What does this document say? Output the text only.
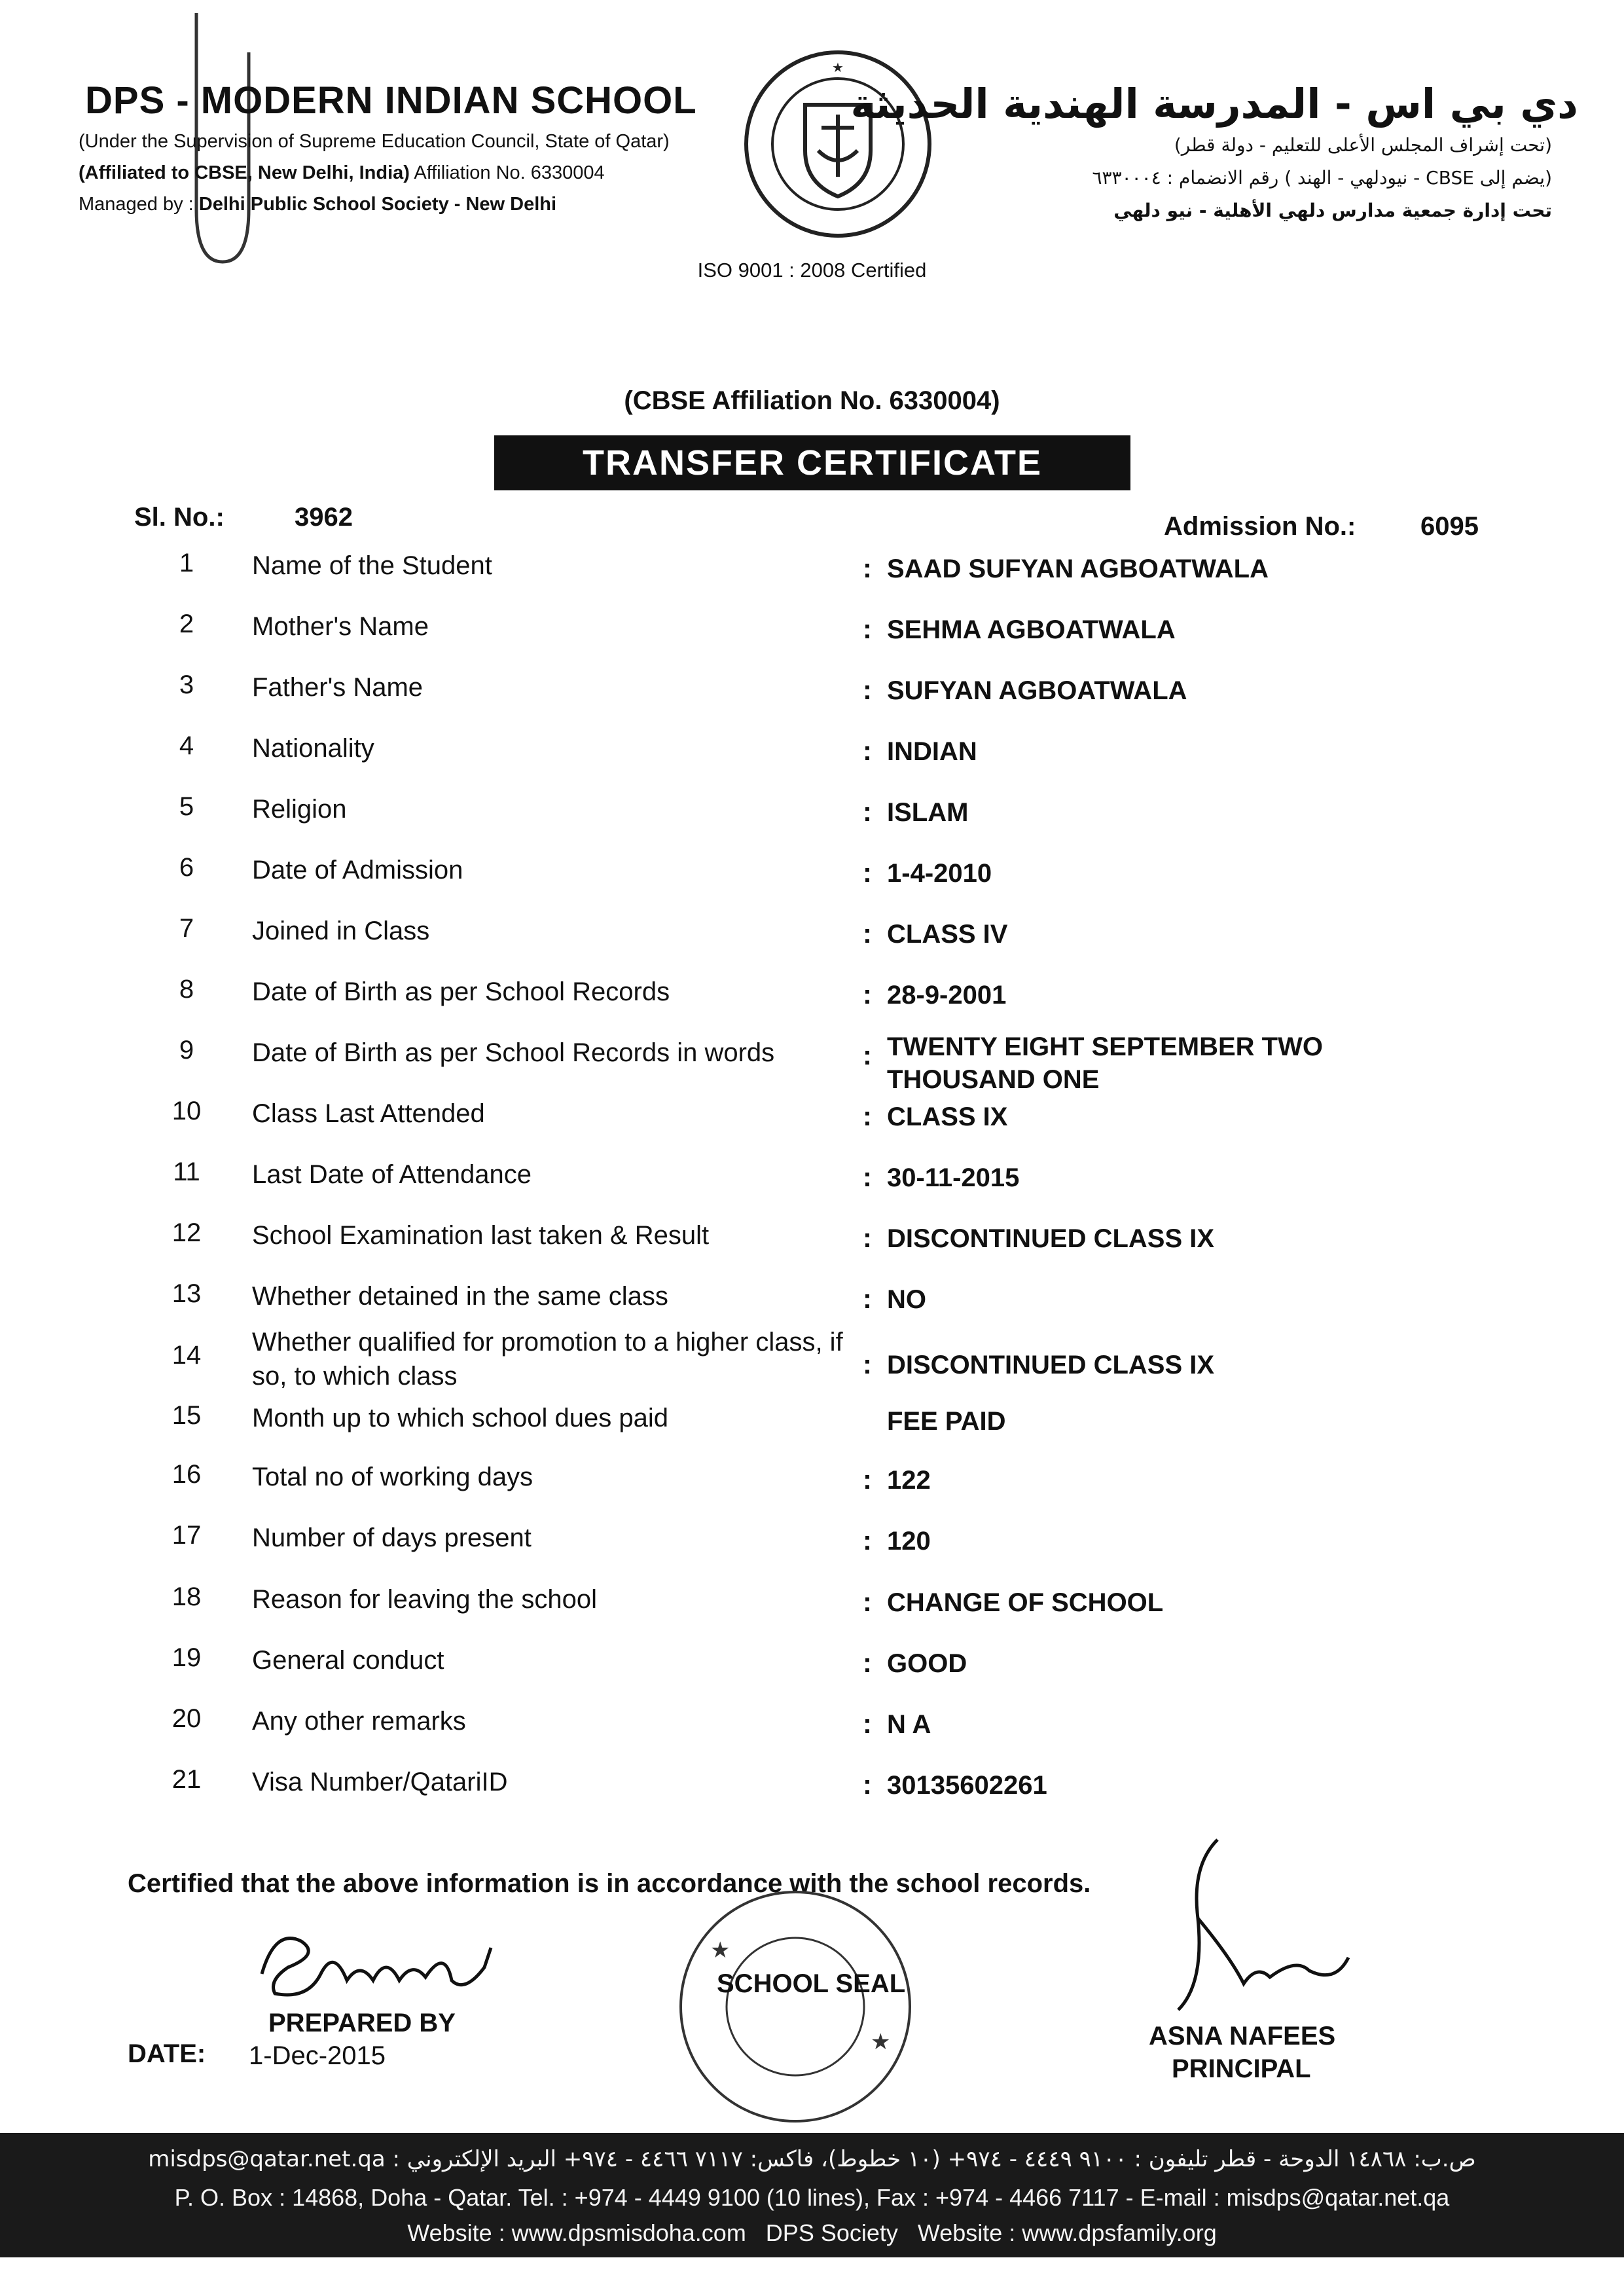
DPS - MODERN INDIAN SCHOOL
(Under the Supervision of Supreme Education Council, State of Qatar)
(Affiliated to CBSE, New Delhi, India) Affiliation No. 6330004
Managed by : Delhi Public School Society - New Delhi
★
دي بي اس - المدرسة الهندية الحديثة
(تحت إشراف المجلس الأعلى للتعليم - دولة قطر)
(يضم إلى CBSE - نيودلهي - الهند ) رقم الانضمام : ٦٣٣٠٠٠٤
تحت إدارة جمعية مدارس دلهي الأهلية - نيو دلهي
ISO 9001 : 2008 Certified
(CBSE Affiliation No. 6330004)
TRANSFER CERTIFICATE
Sl. No.:	3962	Admission No.: 6095
1	Name of the Student	: SAAD SUFYAN AGBOATWALA
2	Mother's Name	: SEHMA AGBOATWALA
3	Father's Name	: SUFYAN AGBOATWALA
4	Nationality	: INDIAN
5	Religion	: ISLAM
6	Date of Admission	: 1-4-2010
7	Joined in Class	: CLASS IV
8	Date of Birth as per School Records	: 28-9-2001
9	Date of Birth as per School Records in words	: TWENTY EIGHT SEPTEMBER TWO THOUSAND ONE
10	Class Last Attended	: CLASS IX
11	Last Date of Attendance	: 30-11-2015
12	School Examination last taken & Result	: DISCONTINUED CLASS IX
13	Whether detained in the same class	: NO
14	Whether qualified for promotion to a higher class, if so, to which class	: DISCONTINUED CLASS IX
15	Month up to which school dues paid	FEE PAID
16	Total no of working days	: 122
17	Number of days present	: 120
18	Reason for leaving the school	: CHANGE OF SCHOOL
19	General conduct	: GOOD
20	Any other remarks	: N A
21	Visa Number/QatariID	: 30135602261
Certified that the above information is in accordance with the school records.
PREPARED BY
DATE: 1-Dec-2015
★
★
SCHOOL SEAL
ASNA NAFEES
PRINCIPAL
ص.ب: ١٤٨٦٨ الدوحة - قطر تليفون : ٩١٠٠ ٤٤٤٩ - ٩٧٤+ (١٠ خطوط)، فاكس: ٧١١٧ ٤٤٦٦ - ٩٧٤+ البريد الإلكتروني : misdps@qatar.net.qa
P. O. Box : 14868, Doha - Qatar. Tel. : +974 - 4449 9100 (10 lines), Fax : +974 - 4466 7117 - E-mail : misdps@qatar.net.qa
Website : www.dpsmisdoha.com   DPS Society   Website : www.dpsfamily.org
